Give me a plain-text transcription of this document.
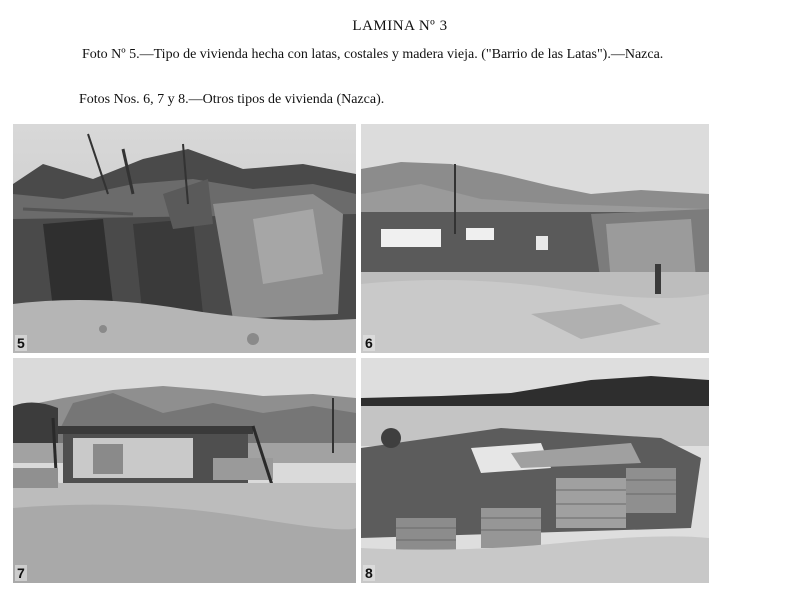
LAMINA Nº 3
Foto Nº 5.—Tipo de vivienda hecha con latas, costales y madera vieja. ("Barrio de las Latas").—Nazca.
Fotos Nos. 6, 7 y 8.—Otros tipos de vivienda (Nazca).
5	6
7	8
